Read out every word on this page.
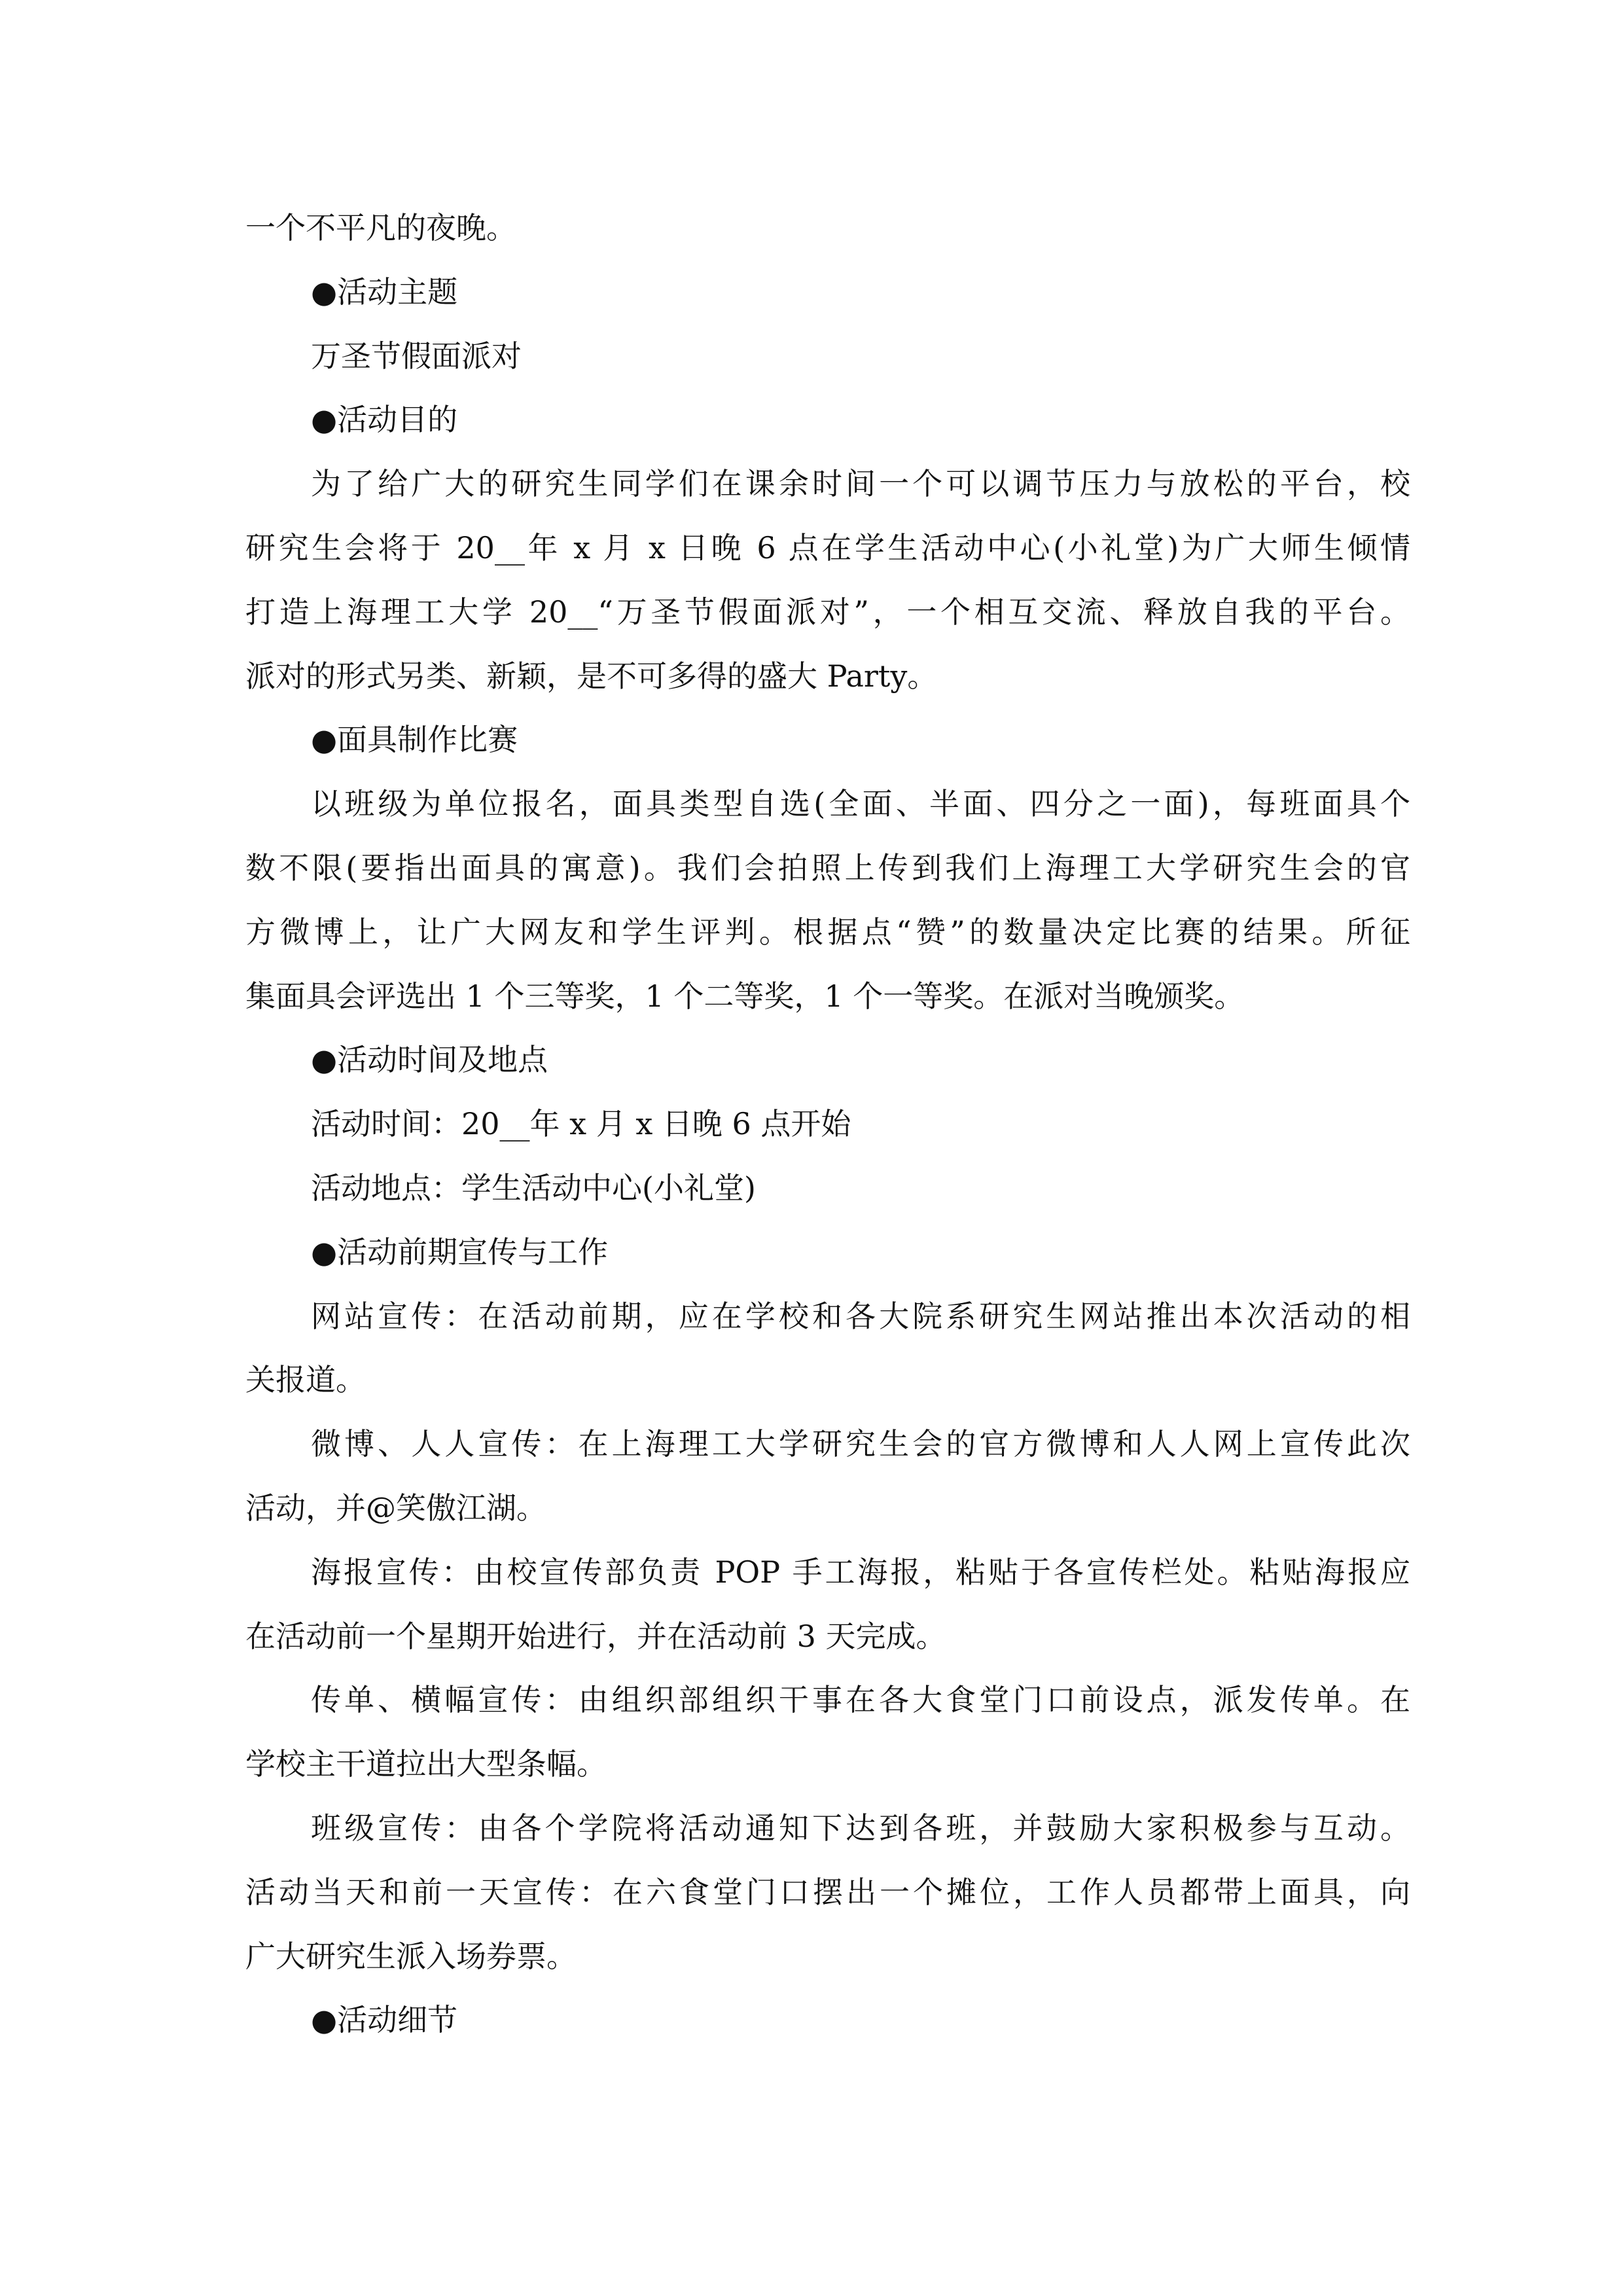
一个不平凡的夜晚。
●活动主题
万圣节假面派对
●活动目的
为了给广大的研究生同学们在课余时间一个可以调节压力与放松的平台，校
研究生会将于 20__年 x 月 x 日晚 6 点在学生活动中心(小礼堂)为广大师生倾情
打造上海理工大学 20__“万圣节假面派对”，一个相互交流、释放自我的平台。
派对的形式另类、新颖，是不可多得的盛大 Party。
●面具制作比赛
以班级为单位报名，面具类型自选(全面、半面、四分之一面)，每班面具个
数不限(要指出面具的寓意)。我们会拍照上传到我们上海理工大学研究生会的官
方微博上，让广大网友和学生评判。根据点“赞”的数量决定比赛的结果。所征
集面具会评选出 1 个三等奖，1 个二等奖，1 个一等奖。在派对当晚颁奖。
●活动时间及地点
活动时间：20__年 x 月 x 日晚 6 点开始
活动地点：学生活动中心(小礼堂)
●活动前期宣传与工作
网站宣传：在活动前期，应在学校和各大院系研究生网站推出本次活动的相
关报道。
微博、人人宣传：在上海理工大学研究生会的官方微博和人人网上宣传此次
活动，并@笑傲江湖。
海报宣传：由校宣传部负责 POP 手工海报，粘贴于各宣传栏处。粘贴海报应
在活动前一个星期开始进行，并在活动前 3 天完成。
传单、横幅宣传：由组织部组织干事在各大食堂门口前设点，派发传单。在
学校主干道拉出大型条幅。
班级宣传：由各个学院将活动通知下达到各班，并鼓励大家积极参与互动。
活动当天和前一天宣传：在六食堂门口摆出一个摊位，工作人员都带上面具，向
广大研究生派入场券票。
●活动细节
